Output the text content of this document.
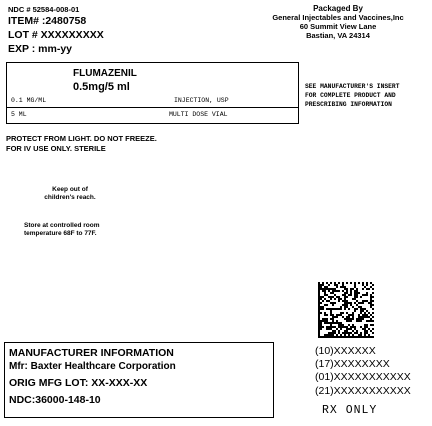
NDC # 52584-008-01
ITEM# :2480758
LOT # XXXXXXXXX
EXP : mm-yy
Packaged By
General Injectables and Vaccines,Inc
60 Summit View Lane
Bastian, VA 24314
FLUMAZENIL
0.5mg/5 ml
0.1 MG/ML	INJECTION, USP
5 ML	MULTI DOSE VIAL
SEE MANUFACTURER'S INSERT
FOR COMPLETE PRODUCT AND
PRESCRIBING INFORMATION
PROTECT FROM LIGHT. DO NOT FREEZE.
FOR IV USE ONLY. STERILE
Keep out of
children's reach.
Store at controlled room
temperature 68F to 77F.
MANUFACTURER INFORMATION
Mfr: Baxter Healthcare Corporation
ORIG MFG LOT: XX-XXX-XX
NDC:36000-148-10
(10)XXXXXX
(17)XXXXXXXX
(01)XXXXXXXXXXX
(21)XXXXXXXXXXX
RX ONLY
